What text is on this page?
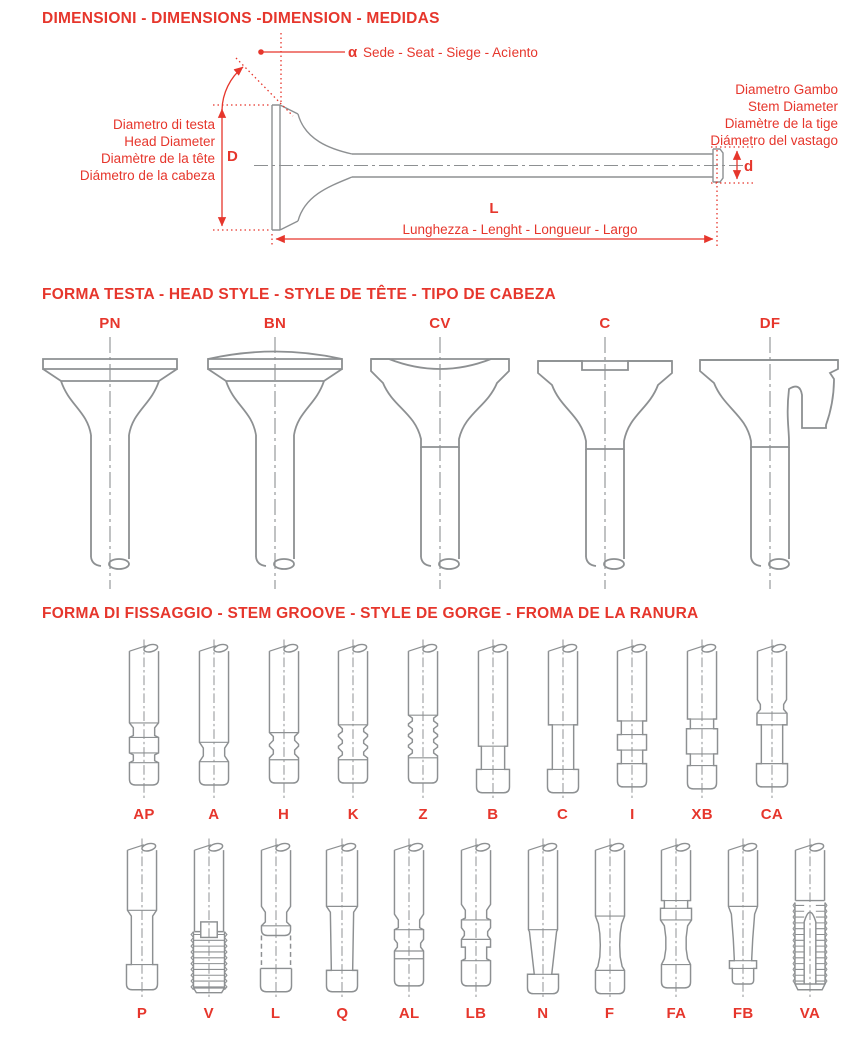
DIMENSIONI - DIMENSIONS -DIMENSION - MEDIDAS
α Sede - Seat - Siege - Acìento
D
Diametro di testa
Head Diameter
Diamètre de la tête
Diámetro de la cabeza
Diametro Gambo
Stem Diameter
Diamètre de la tige
Diámetro del vastago
d
L
Lunghezza - Lenght - Longueur - Largo
FORMA TESTA - HEAD STYLE - STYLE DE TÊTE - TIPO DE CABEZA
PN	BN	CV	C	DF
FORMA DI FISSAGGIO - STEM GROOVE - STYLE DE GORGE - FROMA DE LA RANURA
AP	A	H	K	Z	B	C	I	XB	CA
P	V	L	Q	AL	LB	N	F	FA	FB	VA
